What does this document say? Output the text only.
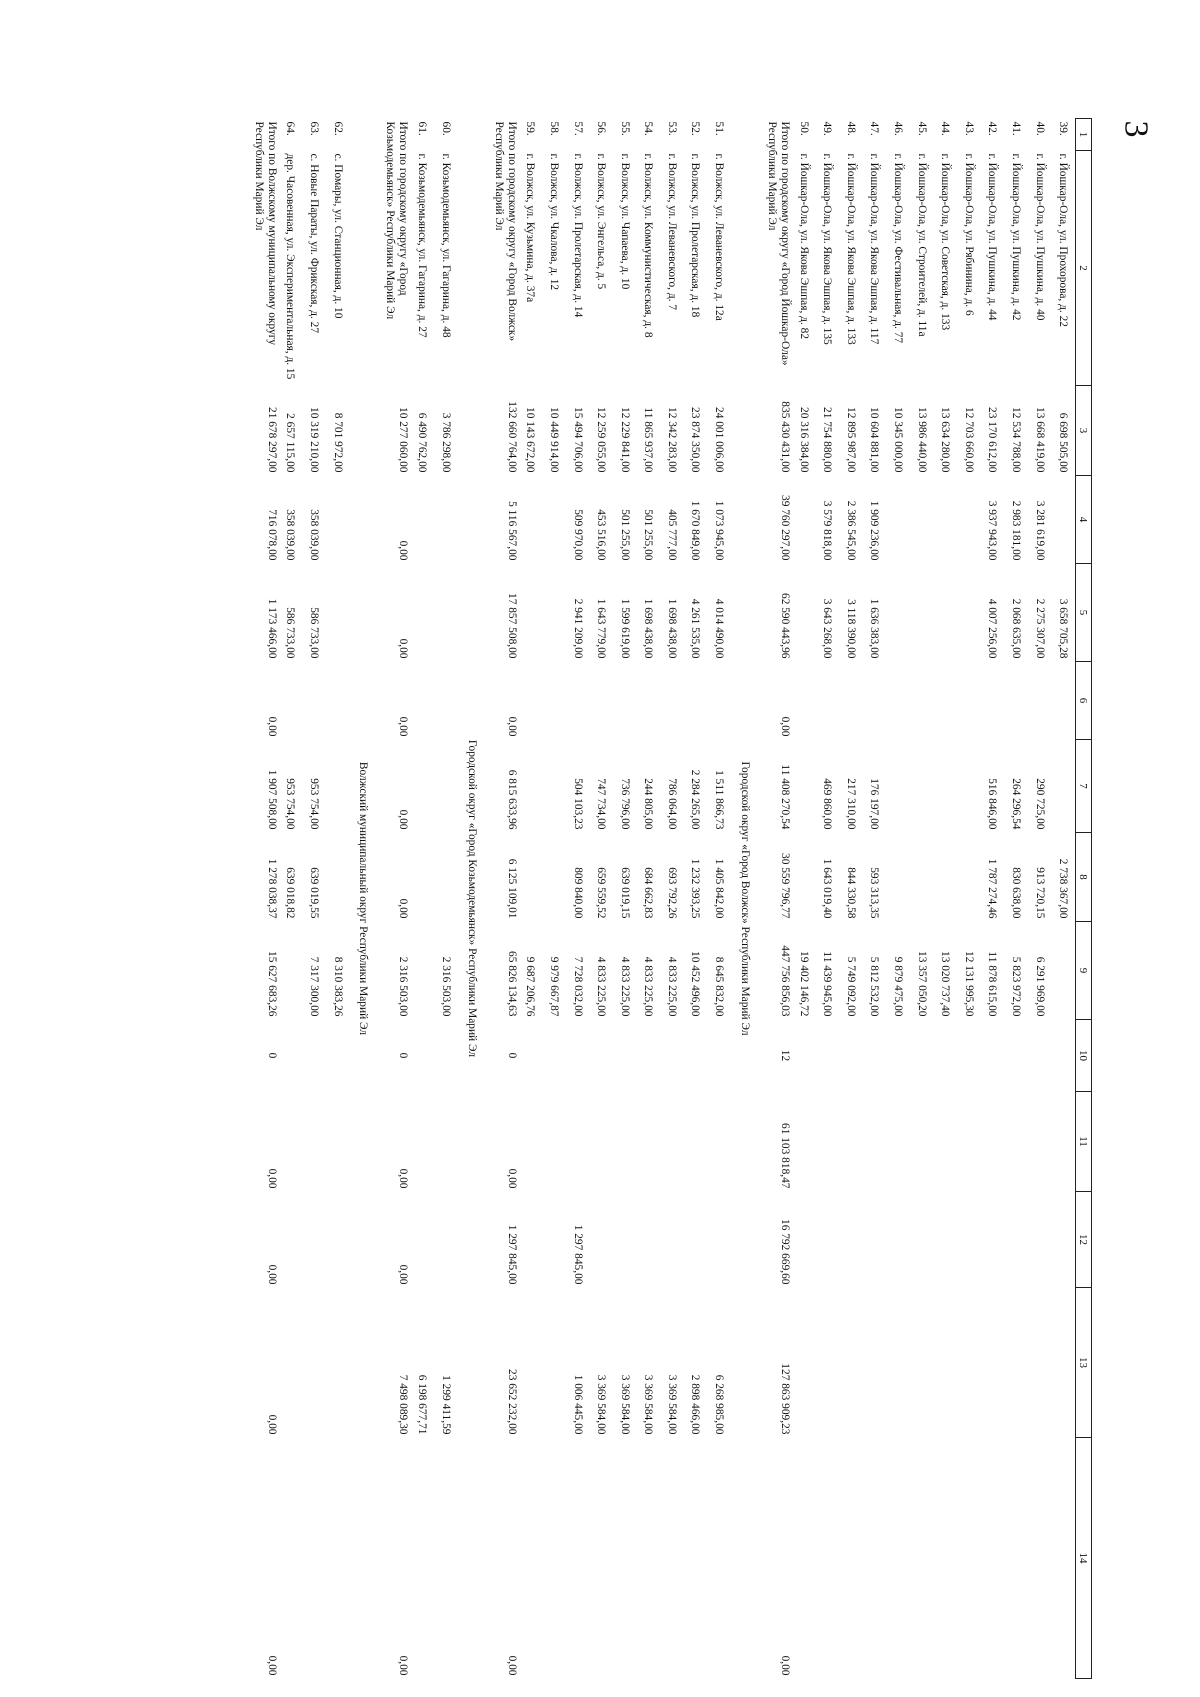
3
1	2	3	4	5	6	7	8	9	10	11	12	13	14
39.	г. Йошкар-Ола, ул. Прохорова, д. 22	6 698 505,00		3 658 705,28			2 738 367,00						
40.	г. Йошкар-Ола, ул. Пушкина, д. 40	13 668 419,00	3 281 619,00	2 275 307,00		290 725,00	913 720,15	6 291 969,00					
41.	г. Йошкар-Ола, ул. Пушкина, д. 42	12 534 788,00	2 983 181,00	2 068 635,00		264 296,54	830 638,00	5 823 972,00					
42.	г. Йошкар-Ола, ул. Пушкина, д. 44	23 170 612,00	3 937 943,00	4 007 256,00		516 846,00	1 787 274,46	11 878 615,00					
43.	г. Йошкар-Ола, ул. Рябинина, д. 6	12 703 660,00						12 131 995,30					
44.	г. Йошкар-Ола, ул. Советская, д. 133	13 634 280,00						13 020 737,40					
45.	г. Йошкар-Ола, ул. Строителей, д. 11а	13 986 440,00						13 357 050,20					
46.	г. Йошкар-Ола, ул. Фестивальная, д. 77	10 345 000,00						9 879 475,00					
47.	г. Йошкар-Ола, ул. Якова Эшпая, д. 117	10 604 881,00	1 909 236,00	1 636 383,00		176 197,00	593 313,35	5 812 532,00					
48.	г. Йошкар-Ола, ул. Якова Эшпая, д. 133	12 895 987,00	2 386 545,00	3 118 390,00		217 310,00	844 330,58	5 749 092,00					
49.	г. Йошкар-Ола, ул. Якова Эшпая, д. 135	21 754 880,00	3 579 818,00	3 643 268,00		469 860,00	1 643 019,40	11 439 945,00					
50.	г. Йошкар-Ола, ул. Якова Эшпая, д. 82	20 316 384,00						19 402 146,72					
Итого по городскому округу «Город Йошкар-Ола» Республики Марий Эл		835 430 431,00	39 760 297,00	62 590 443,96	0,00	11 408 270,54	30 559 796,77	447 756 856,03	12	61 103 818,47	16 792 669,60	127 863 909,23	0,00
Городской округ «Город Волжск» Республики Марий Эл													
51.	г. Волжск, ул. Леваневского, д. 12а	24 001 006,00	1 073 945,00	4 014 490,00		1 511 866,73	1 405 842,00	8 645 832,00				6 268 985,00	
52.	г. Волжск, ул. Пролетарская, д. 18	23 874 350,00	1 670 849,00	4 261 535,00		2 284 265,00	1 232 393,25	10 452 496,00				2 898 466,00	
53.	г. Волжск, ул. Леваневского, д. 7	12 342 283,00	405 777,00	1 698 438,00		786 064,00	693 792,26	4 833 225,00				3 369 584,00	
54.	г. Волжск, ул. Коммунистическая, д. 8	11 865 937,00	501 255,00	1 698 438,00		244 805,00	684 662,83	4 833 225,00				3 369 584,00	
55.	г. Волжск, ул. Чапаева, д. 10	12 229 841,00	501 255,00	1 599 619,00		736 796,00	639 019,15	4 833 225,00				3 369 584,00	
56.	г. Волжск, ул. Энгельса, д. 5	12 259 055,00	453 516,00	1 643 779,00		747 734,00	659 559,52	4 833 225,00				3 369 584,00	
57.	г. Волжск, ул. Пролетарская, д. 14	15 494 706,00	509 970,00	2 941 209,00		504 103,23	809 840,00	7 728 032,00			1 297 845,00	1 006 445,00	
58.	г. Волжск, ул. Чкалова, д. 12	10 449 914,00						9 979 667,87					
59.	г. Волжск, ул. Кузьмина, д. 37а	10 143 672,00						9 687 206,76					
Итого по городскому округу «Город Волжск» Республики Марий Эл		132 660 764,00	5 116 567,00	17 857 508,00	0,00	6 815 633,96	6 125 109,01	65 826 134,63	0	0,00	1 297 845,00	23 652 232,00	0,00
Городской округ «Город Козьмодемьянск» Республики Марий Эл													
60.	г. Козьмодемьянск, ул. Гагарина, д. 48	3 786 298,00						2 316 503,00				1 299 411,59	
61.	г. Козьмодемьянск, ул. Гагарина, д. 27	6 490 762,00										6 198 677,71	
Итого по городскому округу «Город Козьмодемьянск» Республики Марий Эл		10 277 060,00	0,00	0,00	0,00	0,00	0,00	2 316 503,00	0	0,00	0,00	7 498 089,30	0,00
Волжский муниципальный округ Республики Марий Эл													
62.	с. Помары, ул. Станционная, д. 10	8 701 972,00						8 310 383,26					
63.	с. Новые Параты, ул. Фрикская, д. 27	10 319 210,00	358 039,00	586 733,00		953 754,00	639 019,55	7 317 300,00					
64.	дер. Часовенная, ул. Экспериментальная, д. 15	2 657 115,00	358 039,00	586 733,00		953 754,00	639 018,82						
Итого по Волжскому муниципальному округу Республики Марий Эл		21 678 297,00	716 078,00	1 173 466,00	0,00	1 907 508,00	1 278 038,37	15 627 683,26	0	0,00	0,00	0,00	0,00
